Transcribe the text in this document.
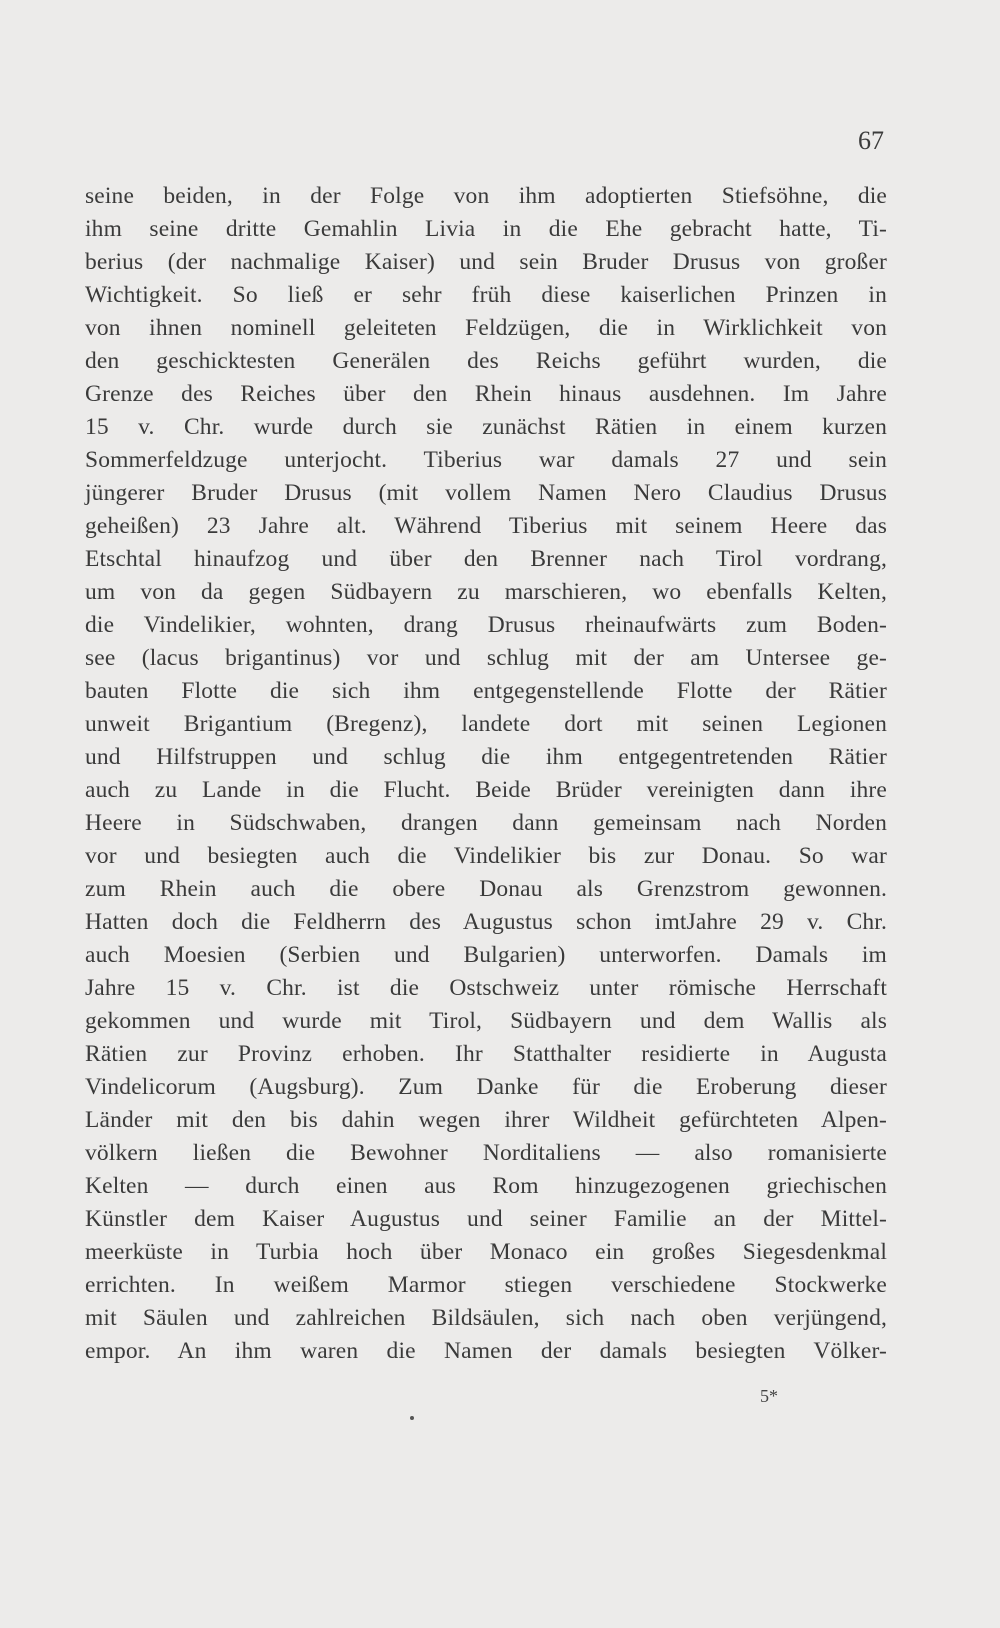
67
seine beiden, in der Folge von ihm adoptierten Stiefsöhne, die
ihm seine dritte Gemahlin Livia in die Ehe gebracht hatte, Ti-
berius (der nachmalige Kaiser) und sein Bruder Drusus von großer
Wichtigkeit. So ließ er sehr früh diese kaiserlichen Prinzen in
von ihnen nominell geleiteten Feldzügen, die in Wirklichkeit von
den geschicktesten Generälen des Reichs geführt wurden, die
Grenze des Reiches über den Rhein hinaus ausdehnen. Im Jahre
15 v. Chr. wurde durch sie zunächst Rätien in einem kurzen
Sommerfeldzuge unterjocht. Tiberius war damals 27 und sein
jüngerer Bruder Drusus (mit vollem Namen Nero Claudius Drusus
geheißen) 23 Jahre alt. Während Tiberius mit seinem Heere das
Etschtal hinaufzog und über den Brenner nach Tirol vordrang,
um von da gegen Südbayern zu marschieren, wo ebenfalls Kelten,
die Vindelikier, wohnten, drang Drusus rheinaufwärts zum Boden-
see (lacus brigantinus) vor und schlug mit der am Untersee ge-
bauten Flotte die sich ihm entgegenstellende Flotte der Rätier
unweit Brigantium (Bregenz), landete dort mit seinen Legionen
und Hilfstruppen und schlug die ihm entgegentretenden Rätier
auch zu Lande in die Flucht. Beide Brüder vereinigten dann ihre
Heere in Südschwaben, drangen dann gemeinsam nach Norden
vor und besiegten auch die Vindelikier bis zur Donau. So war
zum Rhein auch die obere Donau als Grenzstrom gewonnen.
Hatten doch die Feldherrn des Augustus schon imtJahre 29 v. Chr.
auch Moesien (Serbien und Bulgarien) unterworfen. Damals im
Jahre 15 v. Chr. ist die Ostschweiz unter römische Herrschaft
gekommen und wurde mit Tirol, Südbayern und dem Wallis als
Rätien zur Provinz erhoben. Ihr Statthalter residierte in Augusta
Vindelicorum (Augsburg). Zum Danke für die Eroberung dieser
Länder mit den bis dahin wegen ihrer Wildheit gefürchteten Alpen-
völkern ließen die Bewohner Norditaliens — also romanisierte
Kelten — durch einen aus Rom hinzugezogenen griechischen
Künstler dem Kaiser Augustus und seiner Familie an der Mittel-
meerküste in Turbia hoch über Monaco ein großes Siegesdenkmal
errichten. In weißem Marmor stiegen verschiedene Stockwerke
mit Säulen und zahlreichen Bildsäulen, sich nach oben verjüngend,
empor. An ihm waren die Namen der damals besiegten Völker-
5*
